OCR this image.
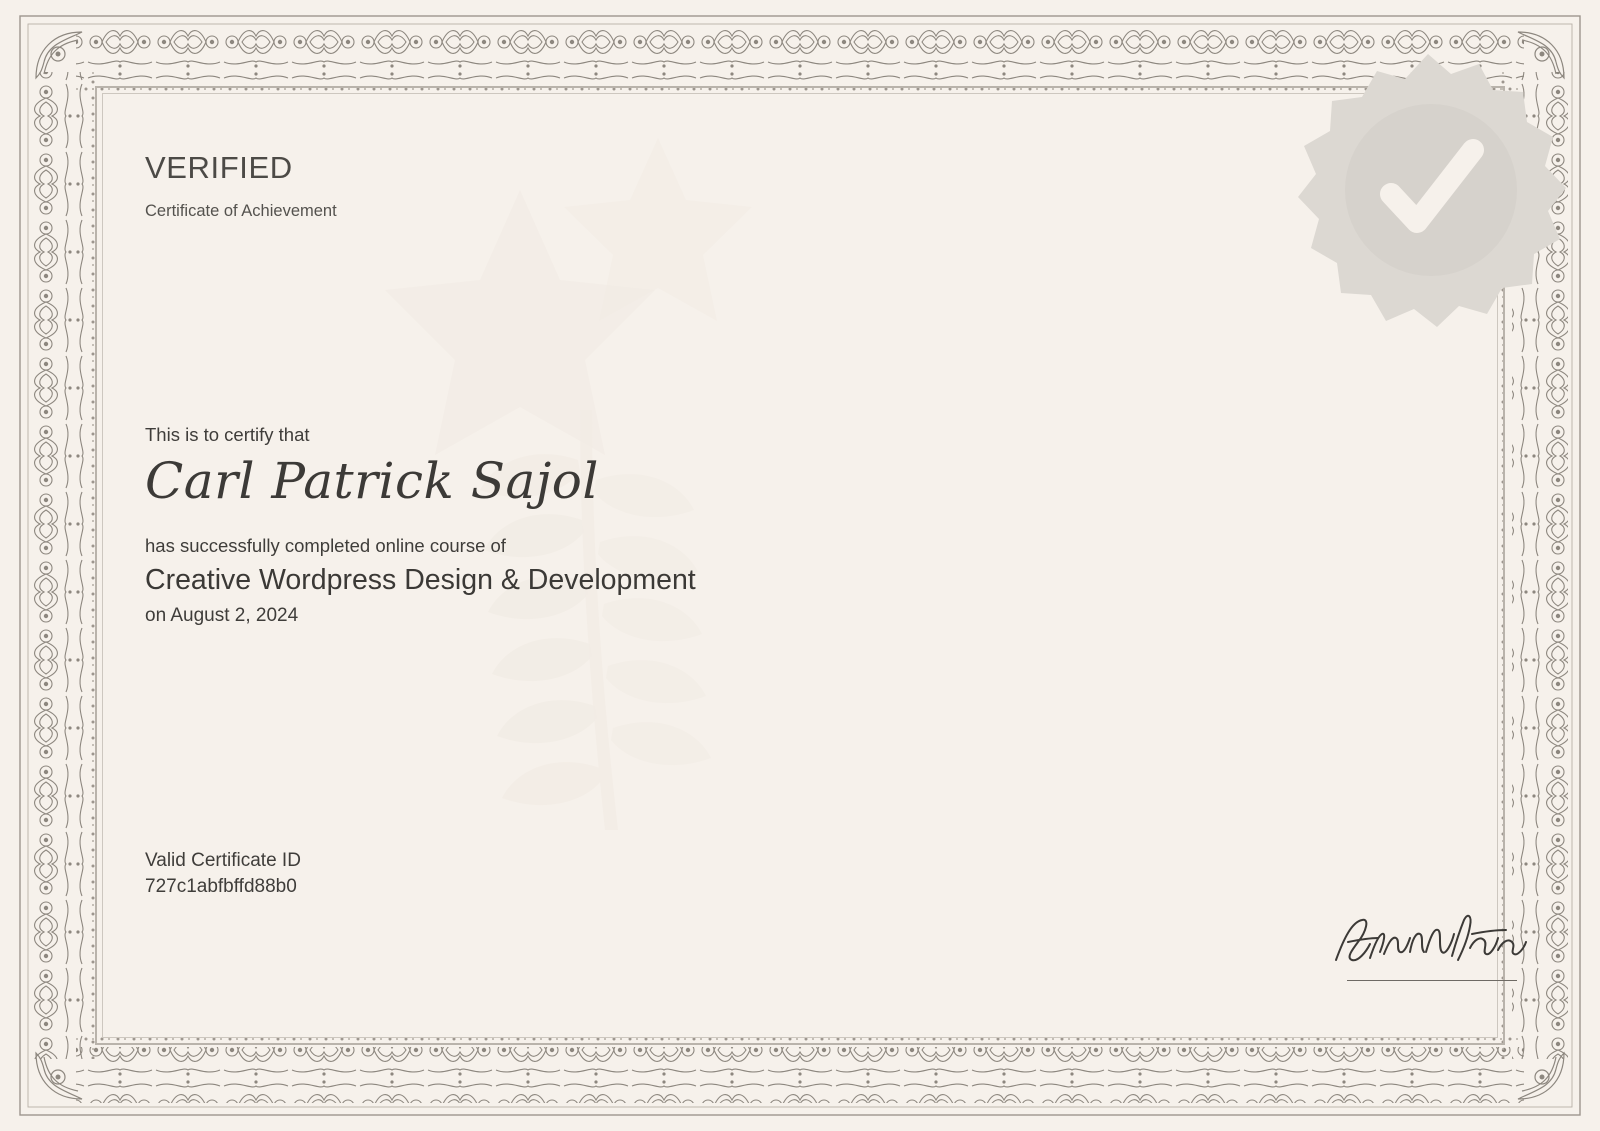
VERIFIED

Certificate of Achievement

This is to certify that

Carl Patrick Sajol

has successfully completed online course of

Creative Wordpress Design & Development

on August 2, 2024

Valid Certificate ID

727c1abfbffd88b0
